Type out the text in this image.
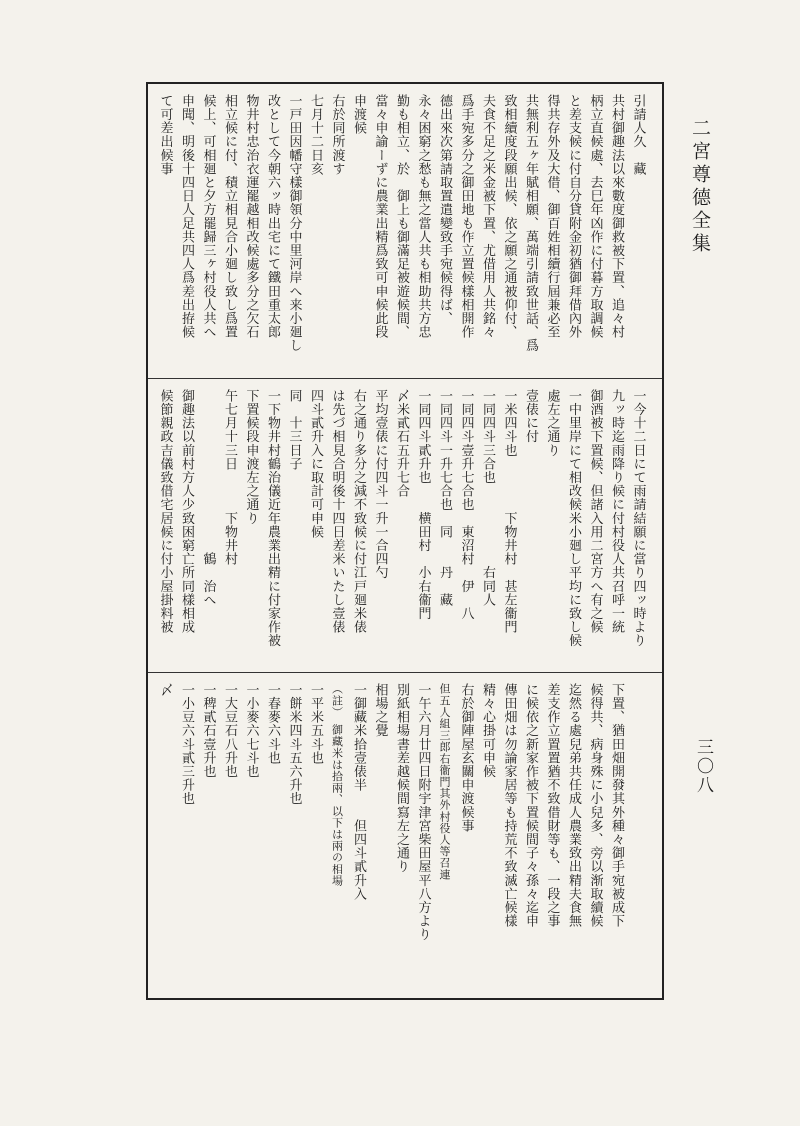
二宮尊德全集
三〇八

引請人久　藏

共村御趣法以來數度御救被下置、追々村

柄立直候處、去巳年凶作に付暮方取調候

と差支候に付自分貸附金初猶御拜借內外

得共存外及大借、御百姓相續行屆兼必至

共無利五ヶ年賦相願、萬端引請致世話、爲

致相續度段願出候、依之願之通被仰付、

夫食不足之米金被下置、尤借用人共銘々

爲手宛多分之御田地も作立置候樣相開作

德出來次第請取置遣變致手宛候得ば、

永々困窮之愁も無之當人共も相助共方忠

勤も相立、於　御上も御滿足被遊候間、

當々申諭ーずに農業出精爲致可申候此段

申渡候

右於同所渡す

七月十二日亥

一戸田因幡守樣御領分中里河岸へ来小廻し

改として今朝六ッ時出宅にて鐵田重太郎

物井村忠治衣運罷越相改候處多分之欠石

相立候に付、積立相見合小廻し致し爲置

候上、可相廻と夕方罷歸三ヶ村役人共へ

申聞、明後十四日人足共四人爲差出拵候

て可差出候事

一今十二日にて雨請結願に當り四ッ時より

九ッ時迄雨降り候に付村役人共召呼一統

御酒被下置候、但諸入用二宮方へ有之候

一中里岸にて相改候米小廻し平均に致し候

處左之通り

壹俵に付

一米四斗也　　　　下物井村　甚左衞門

一同四斗三合也　　　　　　右同人

一同四斗壹升七合也　東沼村　伊　八

一同四斗一升七合也　同　　丹　藏

一同四斗貳升也　　横田村　小右衞門

〆米貳石五升七合

平均壹俵に付四斗一升一合四勺

右之通り多分之減不致候に付江戸廻米俵

は先づ相見合明後十四日差米いたし壹俵

四斗貳升入に取計可申候

同　十三日子

一下物井村鶴治儀近年農業出精に付家作被

下置候段申渡左之通り

午七月十三日　　　下物井村

　　　　　　　　　　　　鶴　治へ

御趣法以前村方人少致困窮亡所同樣相成

候節親政吉儀致借宅居候に付小屋掛料被

下置、猶田畑開發其外種々御手宛被成下

候得共、病身殊に小兒多、旁以渐取續候

迄然る處兒弟共任成人農業致出精夫食無

差支作立置置猶不致借財等も、一段之事

に候依之新家作被下置候間子々孫々迄申

傳田畑は勿論家居等も持荒不致滅亡候樣

精々心掛可申候

右於御陣屋玄關申渡候事

但五人組三郎右衞門其外村役人等召連

一午六月廿四日附宇津宮柴田屋平八方より

別紙相場書差越候間寫左之通り

相場之覺

一御藏米拾壹俵半　　但四斗貳升入

（註）　御藏米は拾兩、以下は兩の相場

一平米五斗也

一餅米四斗五六升也

一春麥六斗也

一小麥六七斗也

一大豆石八升也

一稗貳石壹升也

一小豆六斗貳三升也

〆
